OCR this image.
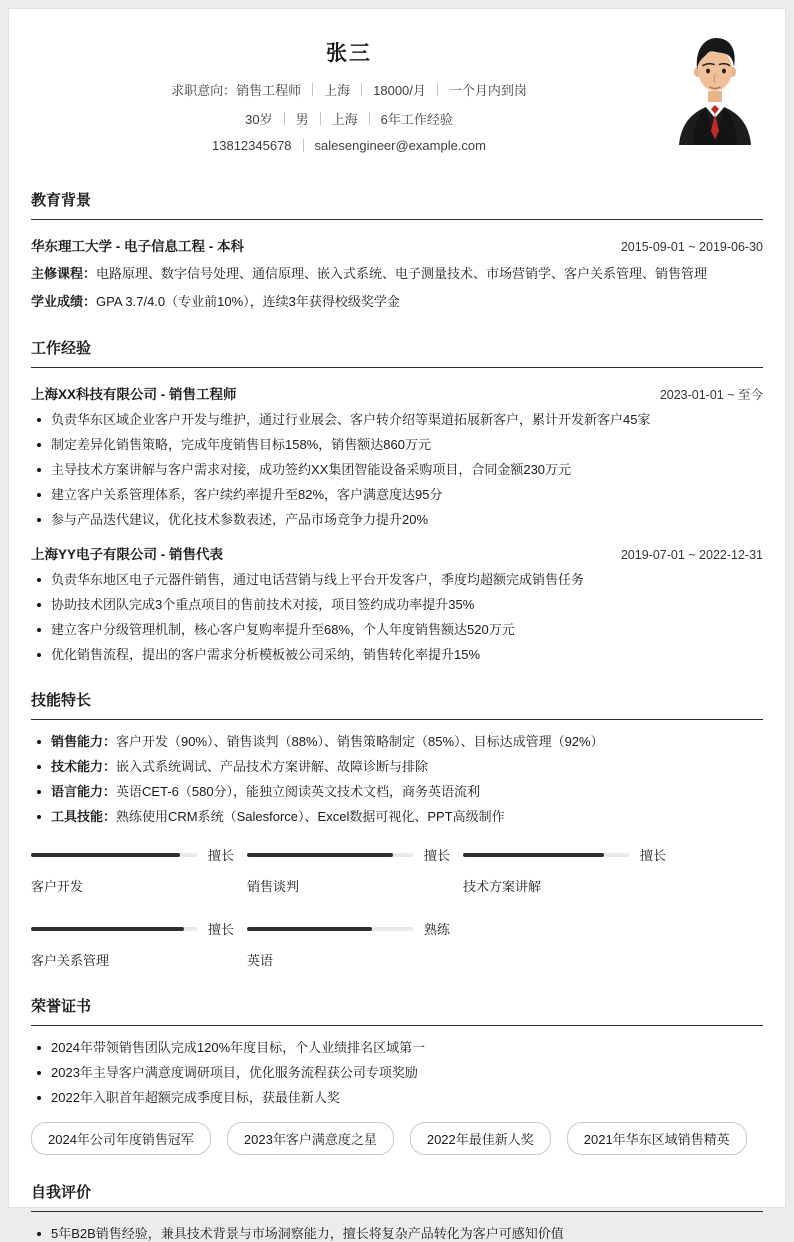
张三
求职意向：销售工程师 上海 18000/月 一个月内到岗
30岁 男 上海 6年工作经验
13812345678 salesengineer@example.com
教育背景
华东理工大学 - 电子信息工程 - 本科	2015-09-01 ~ 2019-06-30
主修课程：电路原理、数字信号处理、通信原理、嵌入式系统、电子测量技术、市场营销学、客户关系管理、销售管理
学业成绩：GPA 3.7/4.0（专业前10%），连续3年获得校级奖学金
工作经验
上海XX科技有限公司 - 销售工程师	2023-01-01 ~ 至今
负责华东区域企业客户开发与维护，通过行业展会、客户转介绍等渠道拓展新客户，累计开发新客户45家
制定差异化销售策略，完成年度销售目标158%，销售额达860万元
主导技术方案讲解与客户需求对接，成功签约XX集团智能设备采购项目，合同金额230万元
建立客户关系管理体系，客户续约率提升至82%，客户满意度达95分
参与产品迭代建议，优化技术参数表述，产品市场竞争力提升20%
上海YY电子有限公司 - 销售代表	2019-07-01 ~ 2022-12-31
负责华东地区电子元器件销售，通过电话营销与线上平台开发客户，季度均超额完成销售任务
协助技术团队完成3个重点项目的售前技术对接，项目签约成功率提升35%
建立客户分级管理机制，核心客户复购率提升至68%，个人年度销售额达520万元
优化销售流程，提出的客户需求分析模板被公司采纳，销售转化率提升15%
技能特长
销售能力：客户开发（90%）、销售谈判（88%）、销售策略制定（85%）、目标达成管理（92%）
技术能力：嵌入式系统调试、产品技术方案讲解、故障诊断与排除
语言能力：英语CET-6（580分），能独立阅读英文技术文档，商务英语流利
工具技能：熟练使用CRM系统（Salesforce）、Excel数据可视化、PPT高级制作
擅长
客户开发
擅长
销售谈判
擅长
技术方案讲解
擅长
客户关系管理
熟练
英语
荣誉证书
2024年带领销售团队完成120%年度目标，个人业绩排名区域第一
2023年主导客户满意度调研项目，优化服务流程获公司专项奖励
2022年入职首年超额完成季度目标，获最佳新人奖
2024年公司年度销售冠军	2023年客户满意度之星	2022年最佳新人奖	2021年华东区域销售精英
自我评价
5年B2B销售经验，兼具技术背景与市场洞察能力，擅长将复杂产品转化为客户可感知价值
